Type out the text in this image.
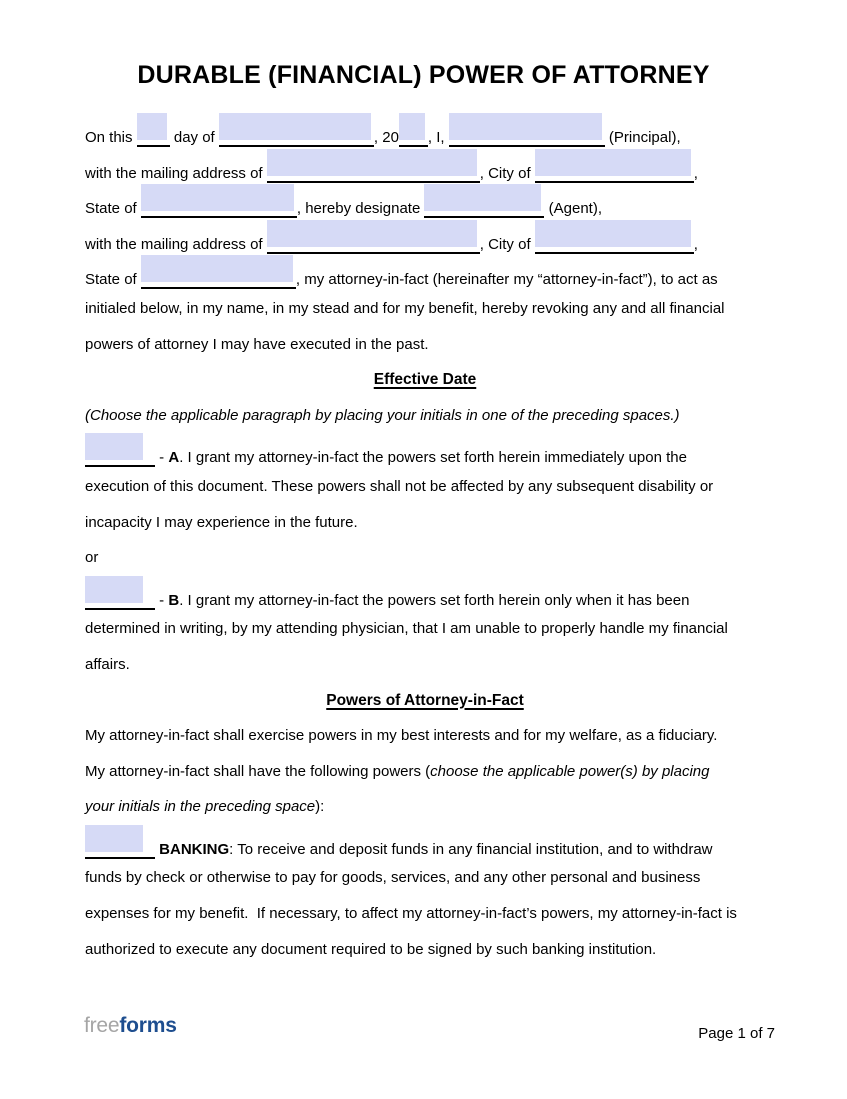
DURABLE (FINANCIAL) POWER OF ATTORNEY
On this  day of	, 20 , I,	(Principal),
with the mailing address of	, City of	,
State of	, hereby designate	(Agent),
with the mailing address of	, City of	,
State of	, my attorney-in-fact (hereinafter my “attorney-in-fact”), to act as
initialed below, in my name, in my stead and for my benefit, hereby revoking any and all financial
powers of attorney I may have executed in the past.
Effective Date
(Choose the applicable paragraph by placing your initials in one of the preceding spaces.)
- A. I grant my attorney-in-fact the powers set forth herein immediately upon the
execution of this document. These powers shall not be affected by any subsequent disability or
incapacity I may experience in the future.
or
- B. I grant my attorney-in-fact the powers set forth herein only when it has been
determined in writing, by my attending physician, that I am unable to properly handle my financial
affairs.
Powers of Attorney-in-Fact
My attorney-in-fact shall exercise powers in my best interests and for my welfare, as a fiduciary.
My attorney-in-fact shall have the following powers (choose the applicable power(s) by placing
your initials in the preceding space):
BANKING: To receive and deposit funds in any financial institution, and to withdraw
funds by check or otherwise to pay for goods, services, and any other personal and business
expenses for my benefit.  If necessary, to affect my attorney-in-fact’s powers, my attorney-in-fact is
authorized to execute any document required to be signed by such banking institution.
freeforms	Page 1 of 7
